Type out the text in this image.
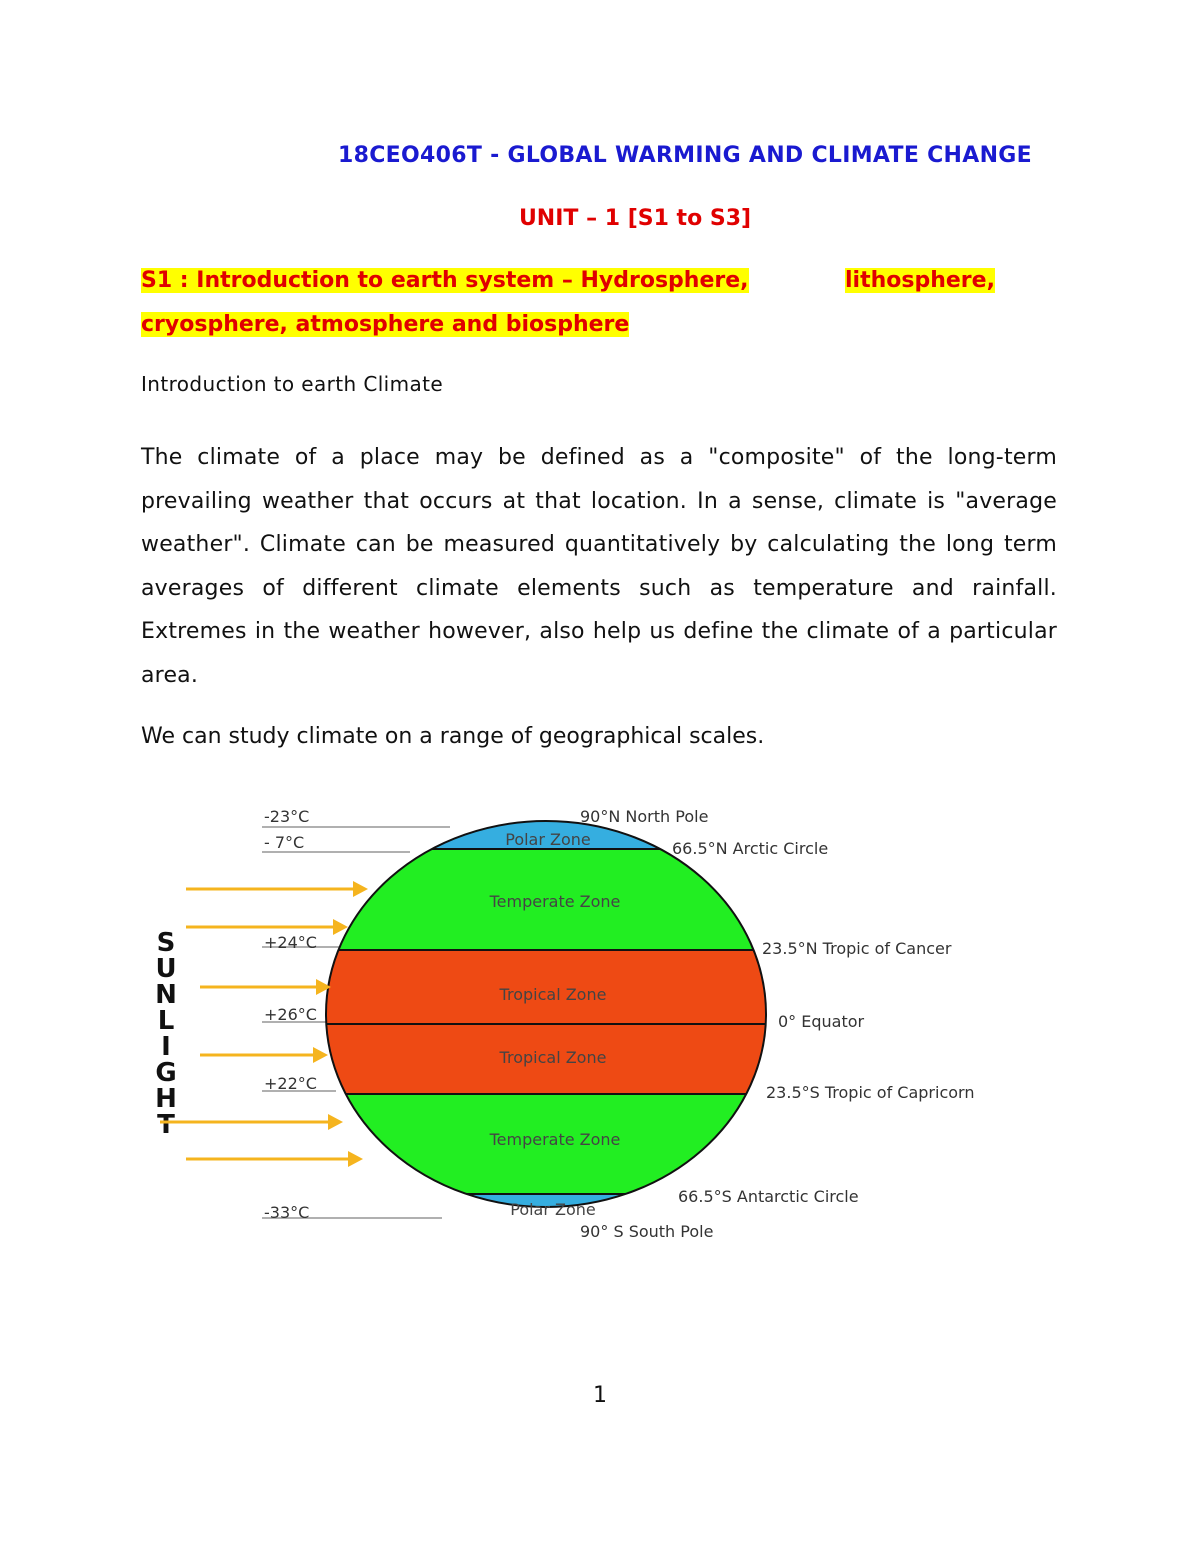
18CEO406T - GLOBAL WARMING AND CLIMATE CHANGE
UNIT – 1 [S1 to S3]
S1 : Introduction to earth system – Hydrosphere,	lithosphere,
cryosphere, atmosphere and biosphere
Introduction to earth Climate
The climate of a place may be defined as a "composite" of the long-term prevailing weather that occurs at that location. In a sense, climate is "average weather". Climate can be measured quantitatively by calculating the long term averages of different climate elements such as temperature and rainfall. Extremes in the weather however, also help us define the climate of a particular area.
We can study climate on a range of geographical scales.
Polar Zone
Temperate Zone
Tropical Zone
Tropical Zone
Temperate Zone
Polar Zone
-23°C
- 7°C
+24°C
+26°C
+22°C
-33°C
90°N North Pole
66.5°N Arctic Circle
23.5°N Tropic of Cancer
0° Equator
23.5°S Tropic of Capricorn
66.5°S Antarctic Circle
90° S South Pole
S
U
N
L
I
G
H
T
1
